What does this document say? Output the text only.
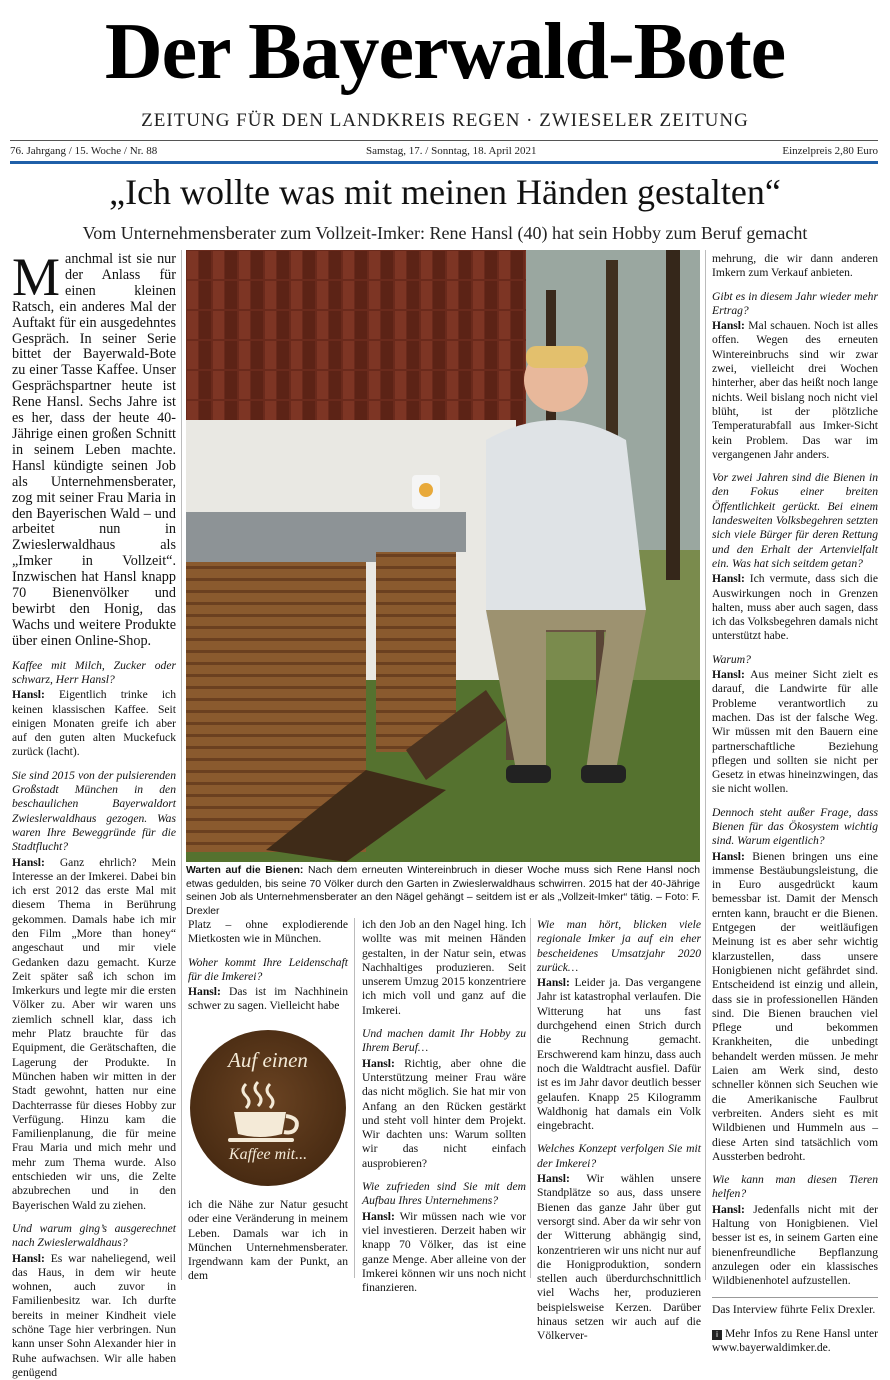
Der Bayerwald-Bote
ZEITUNG FÜR DEN LANDKREIS REGEN · ZWIESELER ZEITUNG
76. Jahrgang / 15. Woche / Nr. 88	Samstag, 17. / Sonntag, 18. April 2021	Einzelpreis 2,80 Euro
„Ich wollte was mit meinen Händen gestalten“
Vom Unternehmensberater zum Vollzeit-Imker: Rene Hansl (40) hat sein Hobby zum Beruf gemacht

Manchmal ist sie nur der Anlass für einen kleinen Ratsch, ein anderes Mal der Auftakt für ein ausgedehntes Gespräch. In seiner Serie bittet der Bayerwald-Bote zu einer Tasse Kaffee. Unser Gesprächspartner heute ist Rene Hansl. Sechs Jahre ist es her, dass der heute 40-Jährige einen großen Schnitt in seinem Leben machte. Hansl kündigte seinen Job als Unternehmensberater, zog mit seiner Frau Maria in den Bayerischen Wald – und arbeitet nun in Zwieslerwaldhaus als „Imker in Vollzeit“. Inzwischen hat Hansl knapp 70 Bienenvölker und bewirbt den Honig, das Wachs und weitere Produkte über einen Online-Shop.

Kaffee mit Milch, Zucker oder schwarz, Herr Hansl?
Hansl: Eigentlich trinke ich keinen klassischen Kaffee. Seit einigen Monaten greife ich aber auf den guten alten Muckefuck zurück (lacht).

Sie sind 2015 von der pulsierenden Großstadt München in den beschaulichen Bayerwaldort Zwieslerwaldhaus gezogen. Was waren Ihre Beweggründe für die Stadtflucht?
Hansl: Ganz ehrlich? Mein Interesse an der Imkerei. Dabei bin ich erst 2012 das erste Mal mit diesem Thema in Berührung gekommen. Damals habe ich mir den Film „More than honey“ angeschaut und mir viele Gedanken dazu gemacht. Kurze Zeit später saß ich schon im Imkerkurs und legte mir die ersten Völker zu. Aber wir waren uns ziemlich schnell klar, dass ich mehr Platz brauchte für das Equipment, die Gerätschaften, die Lagerung der Produkte. In München haben wir mitten in der Stadt gewohnt, hatten nur eine Dachterrasse für dieses Hobby zur Verfügung. Hinzu kam die Familienplanung, die für meine Frau Maria und mich mehr und mehr zum Thema wurde. Also entschieden wir uns, die Zelte abzubrechen und in den Bayerischen Wald zu ziehen.

Und warum ging’s ausgerechnet nach Zwieslerwaldhaus?
Hansl: Es war naheliegend, weil das Haus, in dem wir heute wohnen, auch zuvor in Familienbesitz war. Ich durfte bereits in meiner Kindheit viele schöne Tage hier verbringen. Nun kann unser Sohn Alexander hier in Ruhe aufwachsen. Wir alle haben genügend

Warten auf die Bienen: Nach dem erneuten Wintereinbruch in dieser Woche muss sich Rene Hansl noch etwas gedulden, bis seine 70 Völker durch den Garten in Zwieslerwaldhaus schwirren. 2015 hat der 40-Jährige seinen Job als Unternehmensberater an den Nägel gehängt – seitdem ist er als „Vollzeit-Imker“ tätig. – Foto: F. Drexler

Platz – ohne explodierende Mietkosten wie in München.

Woher kommt Ihre Leidenschaft für die Imkerei?
Hansl: Das ist im Nachhinein schwer zu sagen. Vielleicht habe

Auf einen
Kaffee mit...

ich die Nähe zur Natur gesucht oder eine Veränderung in meinem Leben. Damals war ich in München Unternehmensberater. Irgendwann kam der Punkt, an dem

ich den Job an den Nagel hing. Ich wollte was mit meinen Händen gestalten, in der Natur sein, etwas Nachhaltiges produzieren. Seit unserem Umzug 2015 konzentriere ich mich voll und ganz auf die Imkerei.

Und machen damit Ihr Hobby zu Ihrem Beruf…
Hansl: Richtig, aber ohne die Unterstützung meiner Frau wäre das nicht möglich. Sie hat mir von Anfang an den Rücken gestärkt und steht voll hinter dem Projekt. Wir dachten uns: Warum sollten wir das nicht einfach ausprobieren?

Wie zufrieden sind Sie mit dem Aufbau Ihres Unternehmens?
Hansl: Wir müssen nach wie vor viel investieren. Derzeit haben wir knapp 70 Völker, das ist eine ganze Menge. Aber alleine von der Imkerei können wir uns noch nicht finanzieren.

Wie man hört, blicken viele regionale Imker ja auf ein eher bescheidenes Umsatzjahr 2020 zurück…
Hansl: Leider ja. Das vergangene Jahr ist katastrophal verlaufen. Die Witterung hat uns fast durchgehend einen Strich durch die Rechnung gemacht. Erschwerend kam hinzu, dass auch noch die Waldtracht ausfiel. Dafür ist es im Jahr davor deutlich besser gelaufen. Knapp 25 Kilogramm Waldhonig hat damals ein Volk eingebracht.

Welches Konzept verfolgen Sie mit der Imkerei?
Hansl: Wir wählen unsere Standplätze so aus, dass unsere Bienen das ganze Jahr über gut versorgt sind. Aber da wir sehr von der Witterung abhängig sind, konzentrieren wir uns nicht nur auf die Honigproduktion, sondern stellen auch überdurchschnittlich viel Wachs her, produzieren beispielsweise Kerzen. Darüber hinaus setzen wir auch auf die Völkerver-

mehrung, die wir dann anderen Imkern zum Verkauf anbieten.

Gibt es in diesem Jahr wieder mehr Ertrag?
Hansl: Mal schauen. Noch ist alles offen. Wegen des erneuten Wintereinbruchs sind wir zwar zwei, vielleicht drei Wochen hinterher, aber das heißt noch lange nichts. Weil bislang noch nicht viel blüht, ist der plötzliche Temperaturabfall aus Imker-Sicht kein Problem. Das war im vergangenen Jahr anders.

Vor zwei Jahren sind die Bienen in den Fokus einer breiten Öffentlichkeit gerückt. Bei einem landesweiten Volksbegehren setzten sich viele Bürger für deren Rettung und den Erhalt der Artenvielfalt ein. Was hat sich seitdem getan?
Hansl: Ich vermute, dass sich die Auswirkungen noch in Grenzen halten, muss aber auch sagen, dass ich das Volksbegehren damals nicht unterstützt habe.

Warum?
Hansl: Aus meiner Sicht zielt es darauf, die Landwirte für alle Probleme verantwortlich zu machen. Das ist der falsche Weg. Wir müssen mit den Bauern eine partnerschaftliche Beziehung pflegen und sollten sie nicht per Gesetz in etwas hineinzwingen, das sie nicht wollen.

Dennoch steht außer Frage, dass Bienen für das Ökosystem wichtig sind. Warum eigentlich?
Hansl: Bienen bringen uns eine immense Bestäubungsleistung, die in Euro ausgedrückt kaum bemessbar ist. Damit der Mensch ernten kann, braucht er die Bienen. Entgegen der weitläufigen Meinung ist es aber sehr wichtig klarzustellen, dass unsere Honigbienen nicht gefährdet sind. Entscheidend ist einzig und allein, dass sie in professionellen Händen sind. Die Bienen brauchen viel Pflege und bekommen Krankheiten, die unbedingt behandelt werden müssen. Je mehr Laien am Werk sind, desto schneller können sich Seuchen wie die Amerikanische Faulbrut verbreiten. Anders sieht es mit Wildbienen und Hummeln aus – diese Arten sind tatsächlich vom Aussterben bedroht.

Wie kann man diesen Tieren helfen?
Hansl: Jedenfalls nicht mit der Haltung von Honigbienen. Viel besser ist es, in seinem Garten eine bienenfreundliche Bepflanzung anzulegen oder ein klassisches Wildbienenhotel aufzustellen.

Das Interview führte Felix Drexler.

i Mehr Infos zu Rene Hansl unter www.bayerwaldimker.de.
